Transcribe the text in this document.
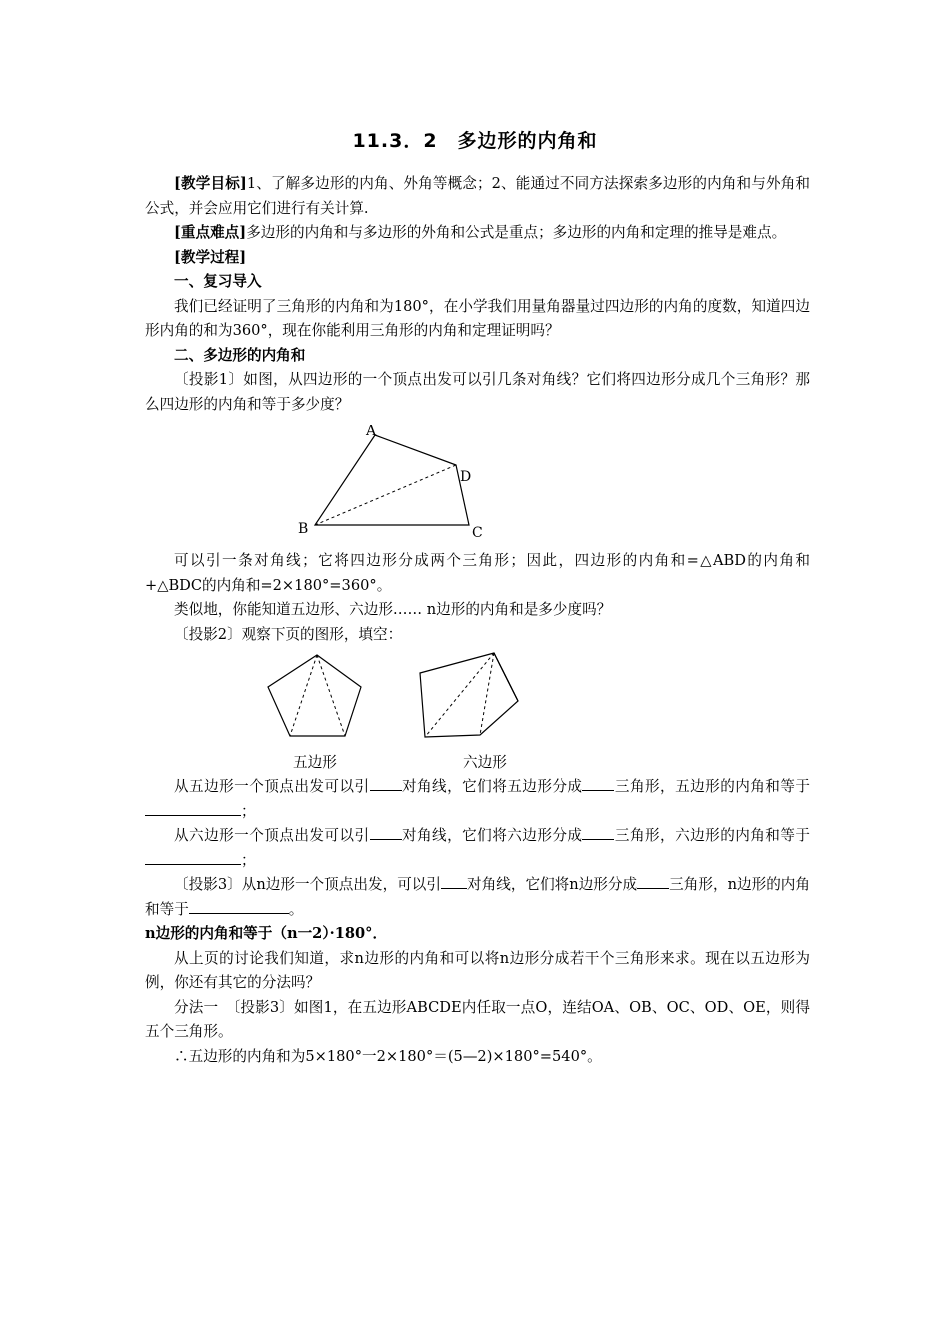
11.3．2　多边形的内角和

[教学目标]1、了解多边形的内角、外角等概念；2、能通过不同方法探索多边形的内角和与外角和公式，并会应用它们进行有关计算.

[重点难点]多边形的内角和与多边形的外角和公式是重点；多边形的内角和定理的推导是难点。

[教学过程]

一、复习导入

我们已经证明了三角形的内角和为180°，在小学我们用量角器量过四边形的内角的度数，知道四边形内角的和为360°，现在你能利用三角形的内角和定理证明吗？

二、多边形的内角和

〔投影1〕如图，从四边形的一个顶点出发可以引几条对角线？它们将四边形分成几个三角形？那么四边形的内角和等于多少度？

A
D
B	C

可以引一条对角线；它将四边形分成两个三角形；因此，四边形的内角和=△ABD的内角和+△BDC的内角和=2×180°=360°。

类似地，你能知道五边形、六边形…… n边形的内角和是多少度吗？

〔投影2〕观察下页的图形，填空：

五边形	六边形

从五边形一个顶点出发可以引 对角线，它们将五边形分成 三角形，五边形的内角和等于；

从六边形一个顶点出发可以引 对角线，它们将六边形分成 三角形，六边形的内角和等于；

〔投影3〕从n边形一个顶点出发，可以引 对角线，它们将n边形分成 三角形，n边形的内角和等于	。

n边形的内角和等于（n一2）·180°．

从上页的讨论我们知道，求n边形的内角和可以将n边形分成若干个三角形来求。现在以五边形为例，你还有其它的分法吗？

分法一　〔投影3〕如图1，在五边形ABCDE内任取一点O，连结OA、OB、OC、OD、OE，则得五个三角形。

∴五边形的内角和为5×180°一2×180°＝(5—2)×180°=540°。
